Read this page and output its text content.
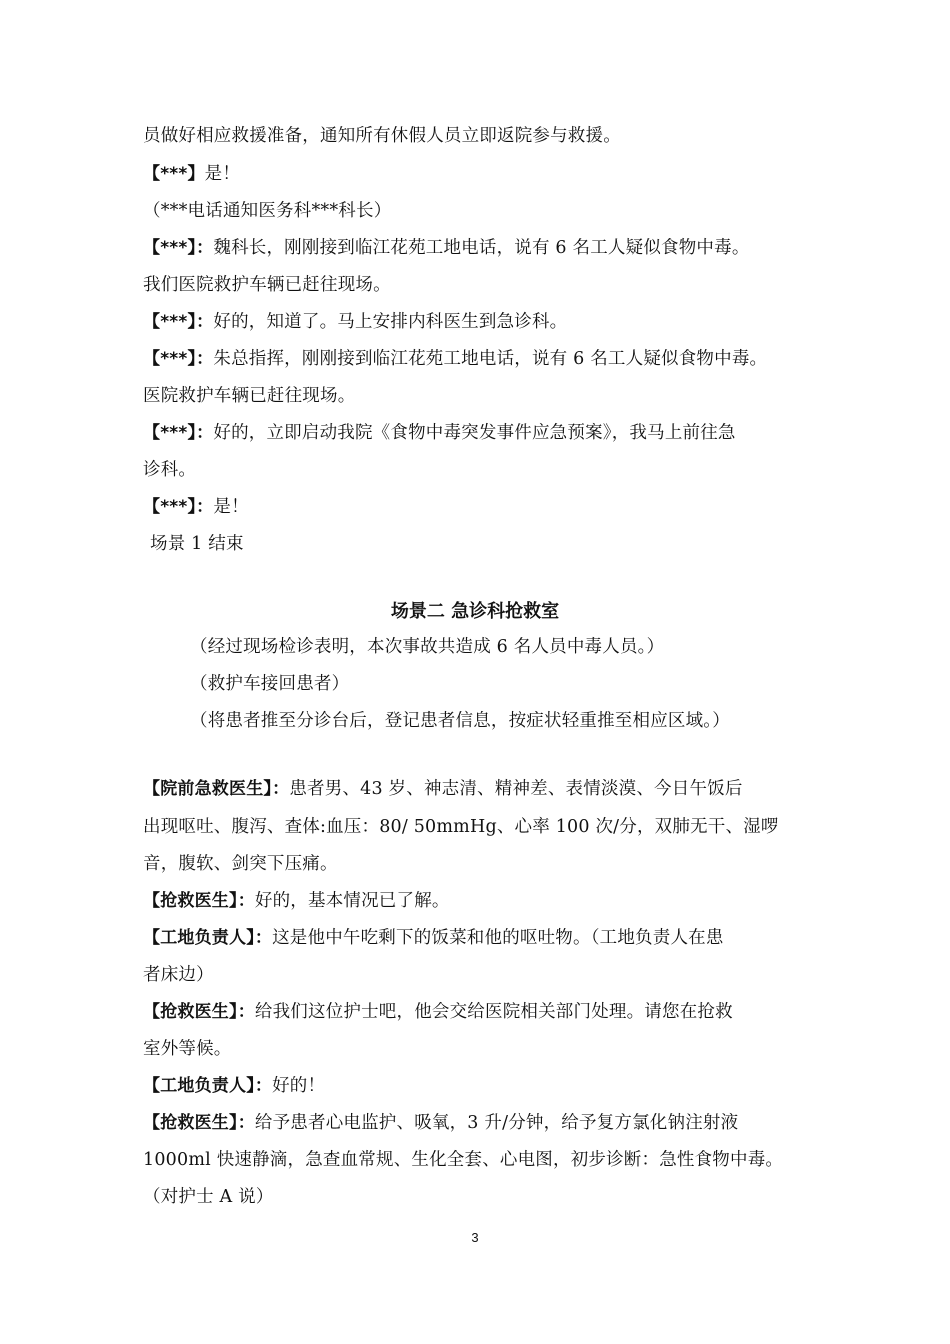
员做好相应救援准备，通知所有休假人员立即返院参与救援。
【***】是！
（***电话通知医务科***科长）
【***】：魏科长，刚刚接到临江花苑工地电话，说有 6 名工人疑似食物中毒。
我们医院救护车辆已赶往现场。
【***】：好的，知道了。马上安排内科医生到急诊科。
【***】：朱总指挥，刚刚接到临江花苑工地电话，说有 6 名工人疑似食物中毒。
医院救护车辆已赶往现场。
【***】：好的，立即启动我院《食物中毒突发事件应急预案》，我马上前往急
诊科。
【***】：是！
场景 1 结束
场景二 急诊科抢救室
（经过现场检诊表明，本次事故共造成 6 名人员中毒人员。）
（救护车接回患者）
（将患者推至分诊台后，登记患者信息，按症状轻重推至相应区域。）
【院前急救医生】：患者男、43 岁、神志清、精神差、表情淡漠、今日午饭后
出现呕吐、腹泻、查体:血压：80/ 50mmHg、心率 100 次/分，双肺无干、湿啰
音，腹软、剑突下压痛。
【抢救医生】：好的，基本情况已了解。
【工地负责人】：这是他中午吃剩下的饭菜和他的呕吐物。（工地负责人在患
者床边）
【抢救医生】：给我们这位护士吧，他会交给医院相关部门处理。请您在抢救
室外等候。
【工地负责人】：好的！
【抢救医生】：给予患者心电监护、吸氧，3 升/分钟，给予复方氯化钠注射液
1000ml 快速静滴，急查血常规、生化全套、心电图，初步诊断：急性食物中毒。
（对护士 A 说）
3
